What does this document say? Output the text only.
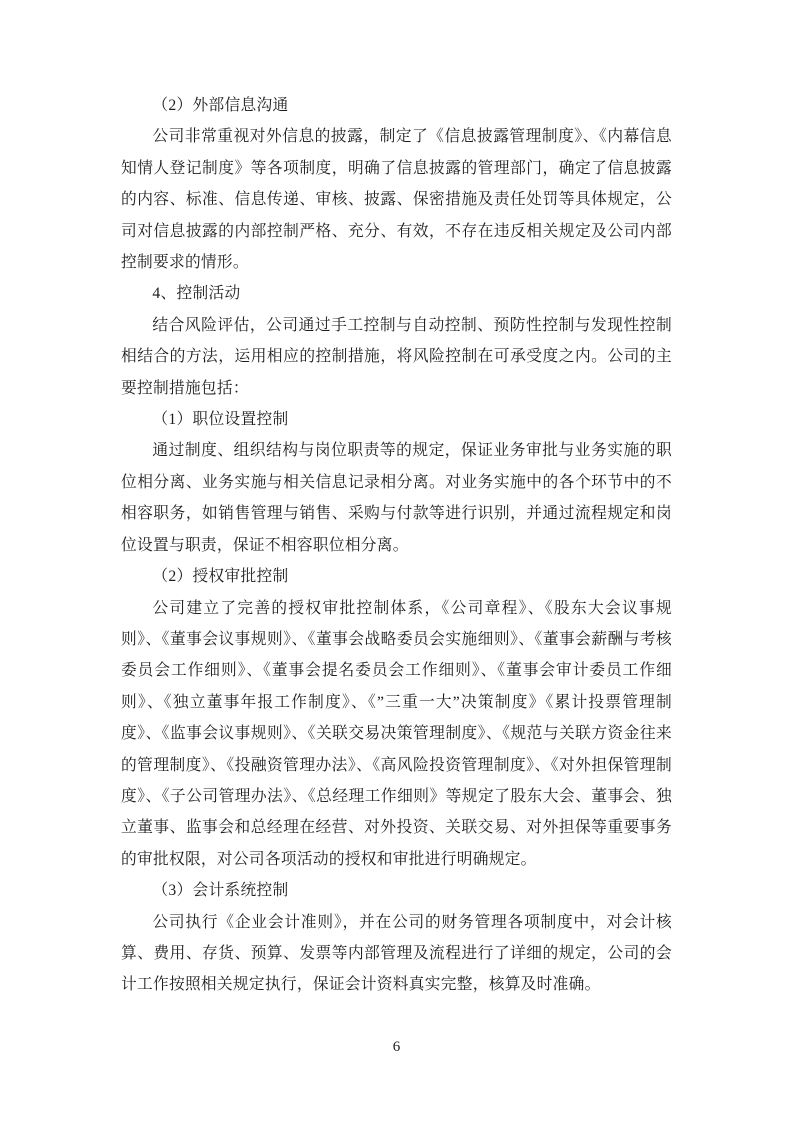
（2）外部信息沟通

公司非常重视对外信息的披露，制定了《信息披露管理制度》、《内幕信息知情人登记制度》等各项制度，明确了信息披露的管理部门，确定了信息披露的内容、标准、信息传递、审核、披露、保密措施及责任处罚等具体规定，公司对信息披露的内部控制严格、充分、有效，不存在违反相关规定及公司内部控制要求的情形。

4、控制活动

结合风险评估，公司通过手工控制与自动控制、预防性控制与发现性控制相结合的方法，运用相应的控制措施，将风险控制在可承受度之内。公司的主要控制措施包括：

（1）职位设置控制

通过制度、组织结构与岗位职责等的规定，保证业务审批与业务实施的职位相分离、业务实施与相关信息记录相分离。对业务实施中的各个环节中的不相容职务，如销售管理与销售、采购与付款等进行识别，并通过流程规定和岗位设置与职责，保证不相容职位相分离。

（2）授权审批控制

公司建立了完善的授权审批控制体系，《公司章程》、《股东大会议事规则》、《董事会议事规则》、《董事会战略委员会实施细则》、《董事会薪酬与考核委员会工作细则》、《董事会提名委员会工作细则》、《董事会审计委员工作细则》、《独立董事年报工作制度》、《”三重一大”决策制度》《累计投票管理制度》、《监事会议事规则》、《关联交易决策管理制度》、《规范与关联方资金往来的管理制度》、《投融资管理办法》、《高风险投资管理制度》、《对外担保管理制度》、《子公司管理办法》、《总经理工作细则》等规定了股东大会、董事会、独立董事、监事会和总经理在经营、对外投资、关联交易、对外担保等重要事务的审批权限，对公司各项活动的授权和审批进行明确规定。

（3）会计系统控制

公司执行《企业会计准则》，并在公司的财务管理各项制度中，对会计核算、费用、存货、预算、发票等内部管理及流程进行了详细的规定，公司的会计工作按照相关规定执行，保证会计资料真实完整，核算及时准确。

6
